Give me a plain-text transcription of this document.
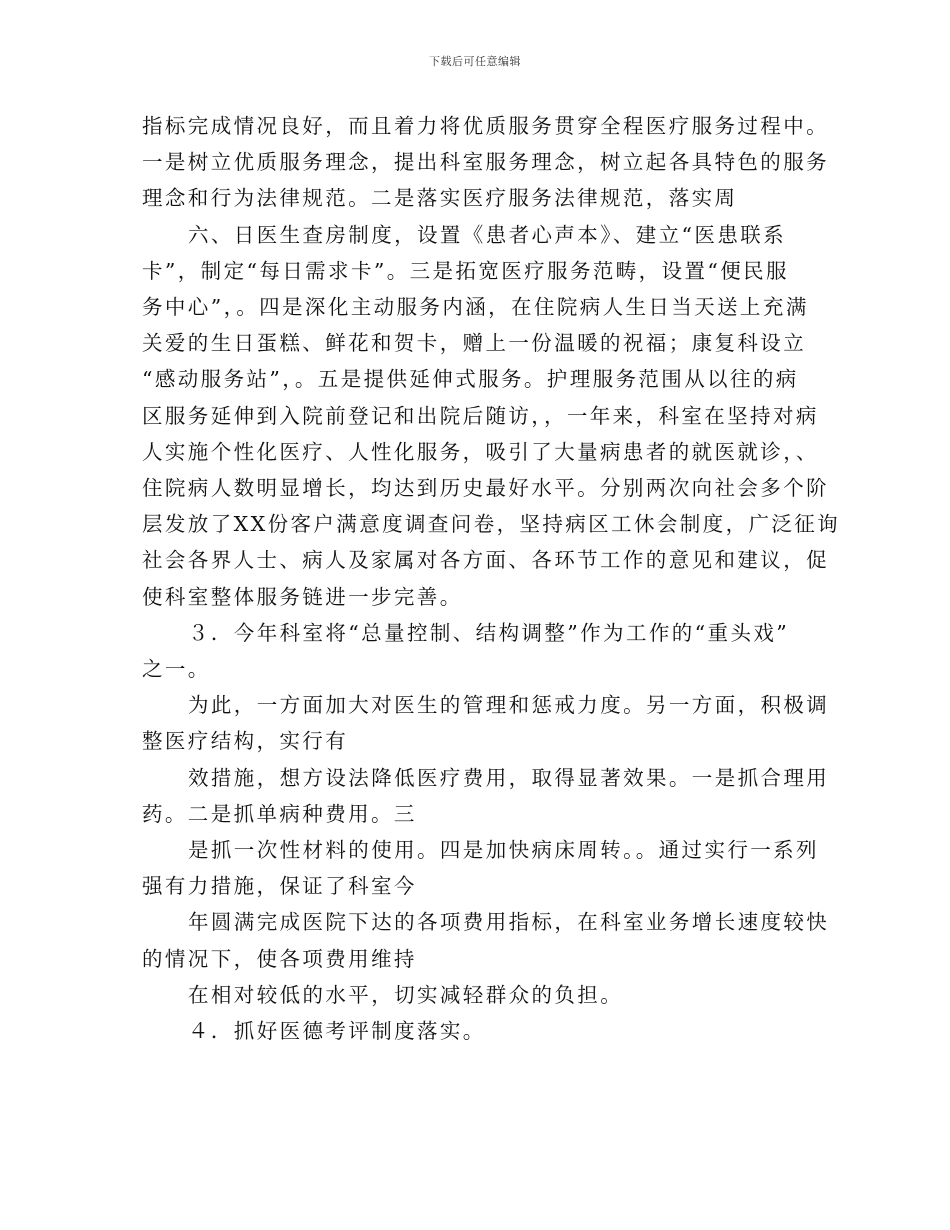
下载后可任意编辑
指标完成情况良好，而且着力将优质服务贯穿全程医疗服务过程中。
一是树立优质服务理念，提出科室服务理念，树立起各具特色的服务
理念和行为法律规范。二是落实医疗服务法律规范，落实周
六、日医生查房制度，设置《患者心声本》、建立“医患联系
卡”，制定“每日需求卡”。三是拓宽医疗服务范畴，设置“便民服
务中心”，。四是深化主动服务内涵，在住院病人生日当天送上充满
关爱的生日蛋糕、鲜花和贺卡，赠上一份温暖的祝福；康复科设立
“感动服务站”，。五是提供延伸式服务。护理服务范围从以往的病
区服务延伸到入院前登记和出院后随访，，一年来，科室在坚持对病
人实施个性化医疗、人性化服务，吸引了大量病患者的就医就诊，、
住院病人数明显增长，均达到历史最好水平。分别两次向社会多个阶
层发放了XX份客户满意度调查问卷，坚持病区工休会制度，广泛征询
社会各界人士、病人及家属对各方面、各环节工作的意见和建议，促
使科室整体服务链进一步完善。
３．今年科室将“总量控制、结构调整”作为工作的“重头戏”
之一。
为此，一方面加大对医生的管理和惩戒力度。另一方面，积极调
整医疗结构，实行有
效措施，想方设法降低医疗费用，取得显著效果。一是抓合理用
药。二是抓单病种费用。三
是抓一次性材料的使用。四是加快病床周转。。通过实行一系列
强有力措施，保证了科室今
年圆满完成医院下达的各项费用指标，在科室业务增长速度较快
的情况下，使各项费用维持
在相对较低的水平，切实减轻群众的负担。
４．抓好医德考评制度落实。
